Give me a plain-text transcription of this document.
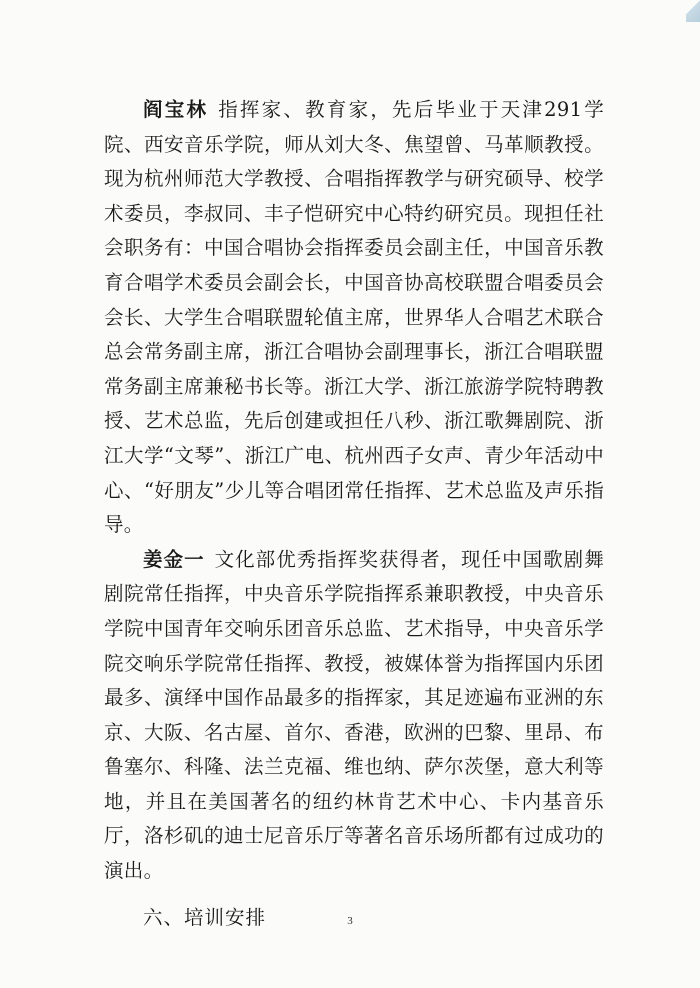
阎宝林 指挥家、教育家，先后毕业于天津291学院、西安音乐学院，师从刘大冬、焦望曾、马革顺教授。现为杭州师范大学教授、合唱指挥教学与研究硕导、校学术委员，李叔同、丰子恺研究中心特约研究员。现担任社会职务有：中国合唱协会指挥委员会副主任，中国音乐教育合唱学术委员会副会长，中国音协高校联盟合唱委员会会长、大学生合唱联盟轮值主席，世界华人合唱艺术联合总会常务副主席，浙江合唱协会副理事长，浙江合唱联盟常务副主席兼秘书长等。浙江大学、浙江旅游学院特聘教授、艺术总监，先后创建或担任八秒、浙江歌舞剧院、浙江大学“文琴”、浙江广电、杭州西子女声、青少年活动中心、“好朋友”少儿等合唱团常任指挥、艺术总监及声乐指导。

姜金一 文化部优秀指挥奖获得者，现任中国歌剧舞剧院常任指挥，中央音乐学院指挥系兼职教授，中央音乐学院中国青年交响乐团音乐总监、艺术指导，中央音乐学院交响乐学院常任指挥、教授，被媒体誉为指挥国内乐团最多、演绎中国作品最多的指挥家，其足迹遍布亚洲的东京、大阪、名古屋、首尔、香港，欧洲的巴黎、里昂、布鲁塞尔、科隆、法兰克福、维也纳、萨尔茨堡，意大利等地，并且在美国著名的纽约林肯艺术中心、卡内基音乐厅，洛杉矶的迪士尼音乐厅等著名音乐场所都有过成功的演出。

六、培训安排	3
